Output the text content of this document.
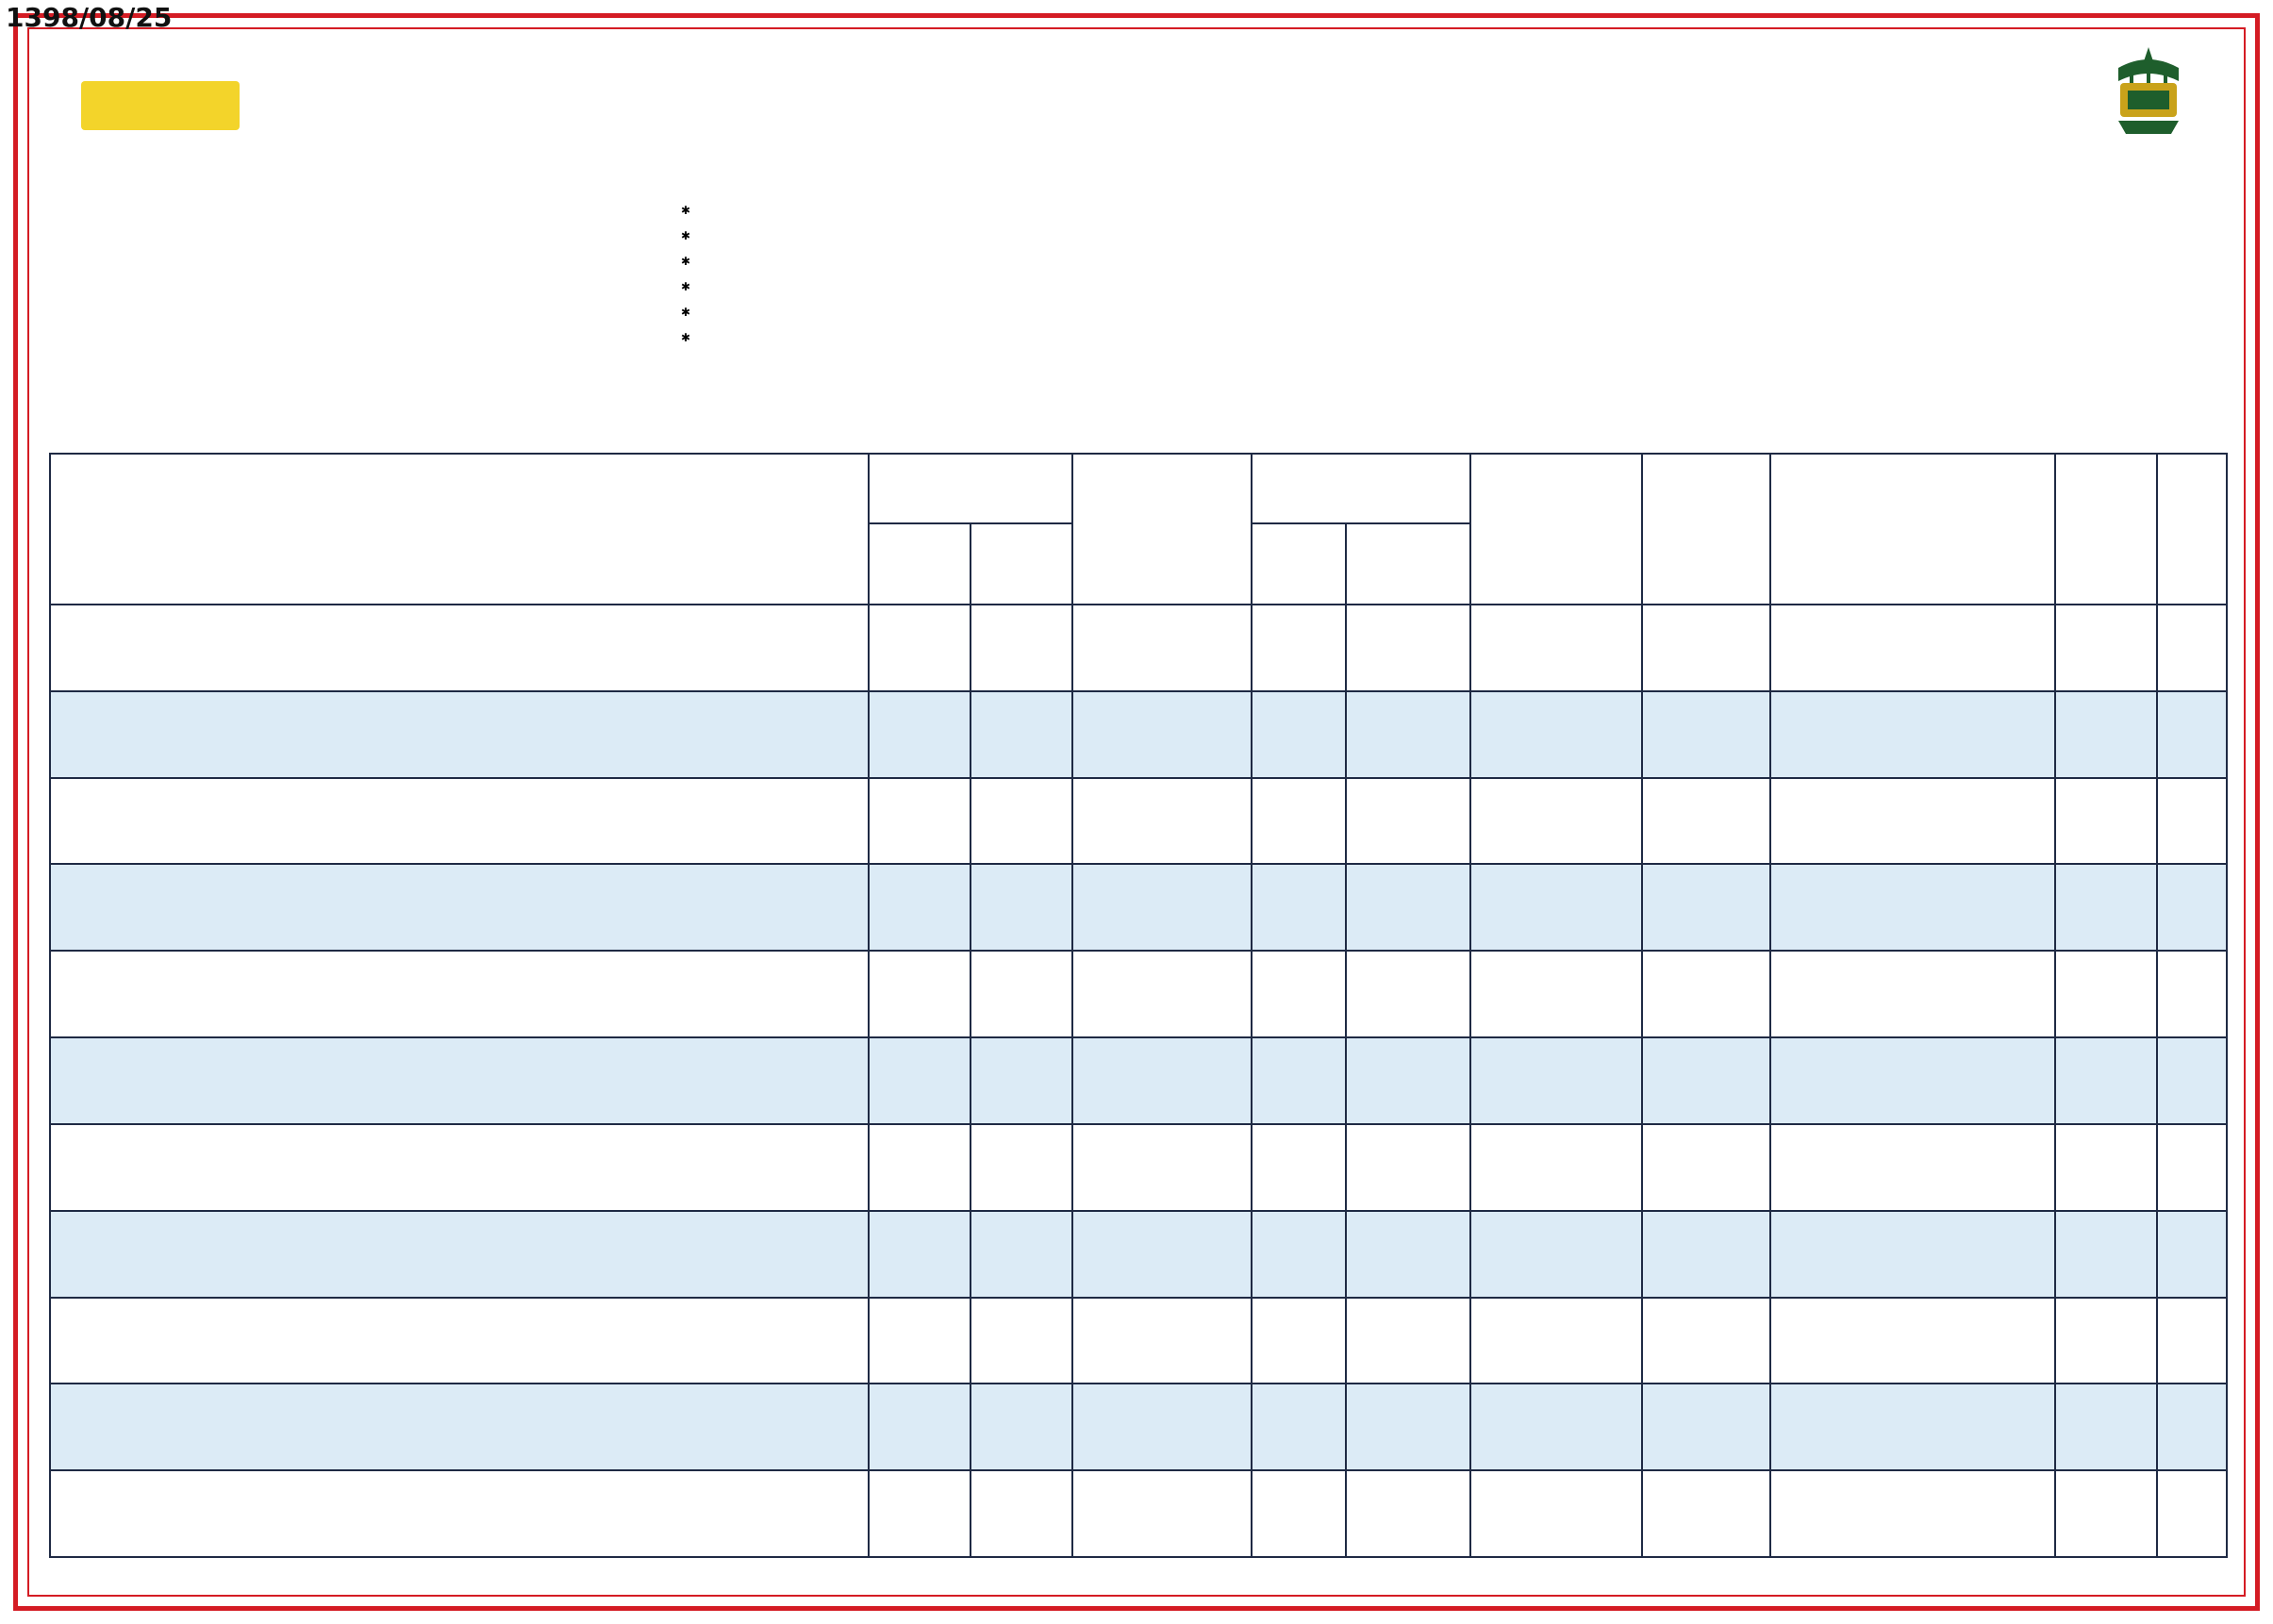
1398/08/25

✱
✱
✱
✱
✱
✱
